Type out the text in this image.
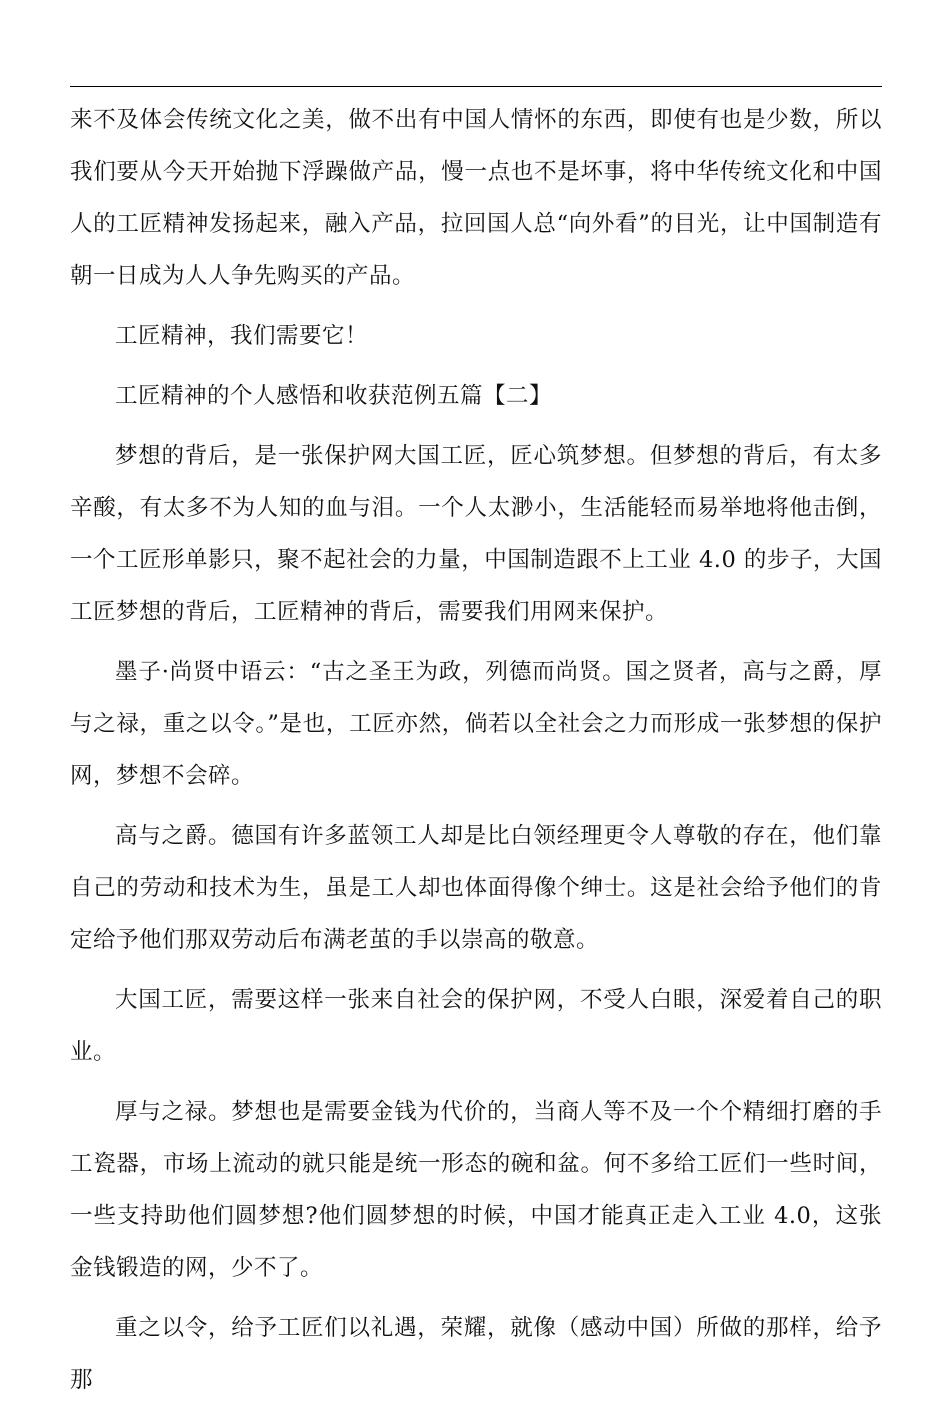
来不及体会传统文化之美，做不出有中国人情怀的东西，即使有也是少数，所以我们要从今天开始抛下浮躁做产品，慢一点也不是坏事，将中华传统文化和中国人的工匠精神发扬起来，融入产品，拉回国人总“向外看”的目光，让中国制造有朝一日成为人人争先购买的产品。

工匠精神，我们需要它！

工匠精神的个人感悟和收获范例五篇【二】

梦想的背后，是一张保护网大国工匠，匠心筑梦想。但梦想的背后，有太多辛酸，有太多不为人知的血与泪。一个人太渺小，生活能轻而易举地将他击倒，一个工匠形单影只，聚不起社会的力量，中国制造跟不上工业 4.0 的步子，大国工匠梦想的背后，工匠精神的背后，需要我们用网来保护。

墨子·尚贤中语云：“古之圣王为政，列德而尚贤。国之贤者，高与之爵，厚与之禄，重之以令。”是也，工匠亦然，倘若以全社会之力而形成一张梦想的保护网，梦想不会碎。

高与之爵。德国有许多蓝领工人却是比白领经理更令人尊敬的存在，他们靠自己的劳动和技术为生，虽是工人却也体面得像个绅士。这是社会给予他们的肯定给予他们那双劳动后布满老茧的手以崇高的敬意。

大国工匠，需要这样一张来自社会的保护网，不受人白眼，深爱着自己的职业。

厚与之禄。梦想也是需要金钱为代价的，当商人等不及一个个精细打磨的手工瓷器，市场上流动的就只能是统一形态的碗和盆。何不多给工匠们一些时间，一些支持助他们圆梦想?他们圆梦想的时候，中国才能真正走入工业 4.0，这张金钱锻造的网，少不了。

重之以令，给予工匠们以礼遇，荣耀，就像（感动中国）所做的那样，给予那
